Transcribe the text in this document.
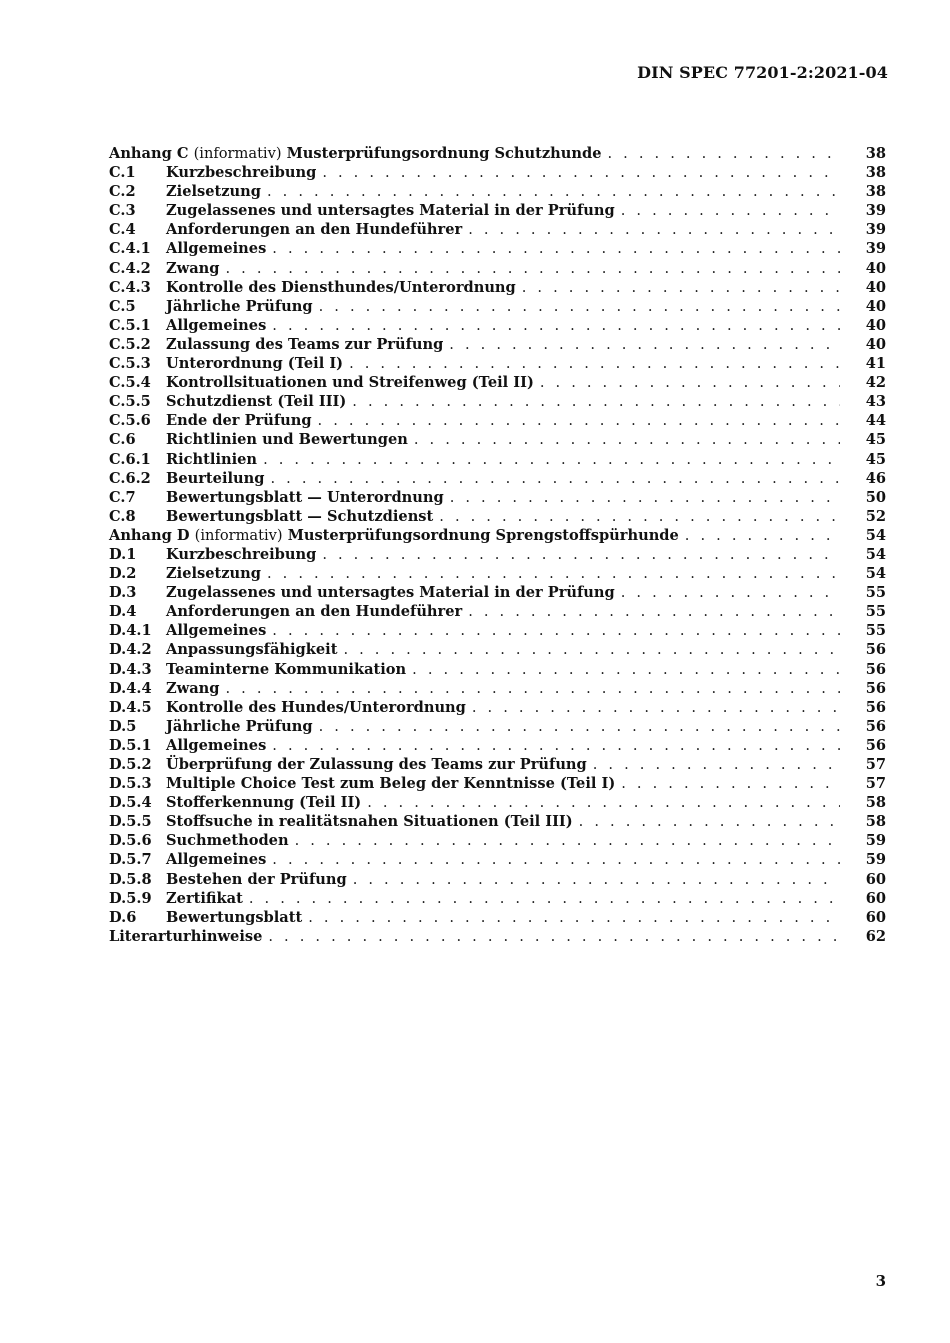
DIN SPEC 77201-2:2021-04
Anhang C (informativ) Musterprüfungsordnung Schutzhunde . . .	38
C.1	Kurzbeschreibung . . .	38
C.2	Zielsetzung . . .	38
C.3	Zugelassenes und untersagtes Material in der Prüfung . . .	39
C.4	Anforderungen an den Hundeführer . . .	39
C.4.1	Allgemeines . . .	39
C.4.2	Zwang . . .	40
C.4.3	Kontrolle des Diensthundes/Unterordnung . . .	40
C.5	Jährliche Prüfung . . .	40
C.5.1	Allgemeines . . .	40
C.5.2	Zulassung des Teams zur Prüfung . . .	40
C.5.3	Unterordnung (Teil I) . . .	41
C.5.4	Kontrollsituationen und Streifenweg (Teil II) . . .	42
C.5.5	Schutzdienst (Teil III) . . .	43
C.5.6	Ende der Prüfung . . .	44
C.6	Richtlinien und Bewertungen . . .	45
C.6.1	Richtlinien . . .	45
C.6.2	Beurteilung . . .	46
C.7	Bewertungsblatt — Unterordnung . . .	50
C.8	Bewertungsblatt — Schutzdienst . . .	52
Anhang D (informativ) Musterprüfungsordnung Sprengstoffspürhunde . . .	54
D.1	Kurzbeschreibung . . .	54
D.2	Zielsetzung . . .	54
D.3	Zugelassenes und untersagtes Material in der Prüfung . . .	55
D.4	Anforderungen an den Hundeführer . . .	55
D.4.1 Allgemeines . . .	55
D.4.2 Anpassungsfähigkeit . . .	56
D.4.3 Teaminterne Kommunikation . . .	56
D.4.4 Zwang . . .	56
D.4.5 Kontrolle des Hundes/Unterordnung . . .	56
D.5	Jährliche Prüfung . . .	56
D.5.1 Allgemeines . . .	56
D.5.2 Überprüfung der Zulassung des Teams zur Prüfung . . .	57
D.5.3 Multiple Choice Test zum Beleg der Kenntnisse (Teil I) . . .	57
D.5.4 Stofferkennung (Teil II) . . .	58
D.5.5 Stoffsuche in realitätsnahen Situationen (Teil III) . . .	58
D.5.6 Suchmethoden . . .	59
D.5.7 Allgemeines . . .	59
D.5.8 Bestehen der Prüfung . . .	60
D.5.9 Zertifikat . . .	60
D.6	Bewertungsblatt . . .	60
Literarturhinweise . . .	62
3
